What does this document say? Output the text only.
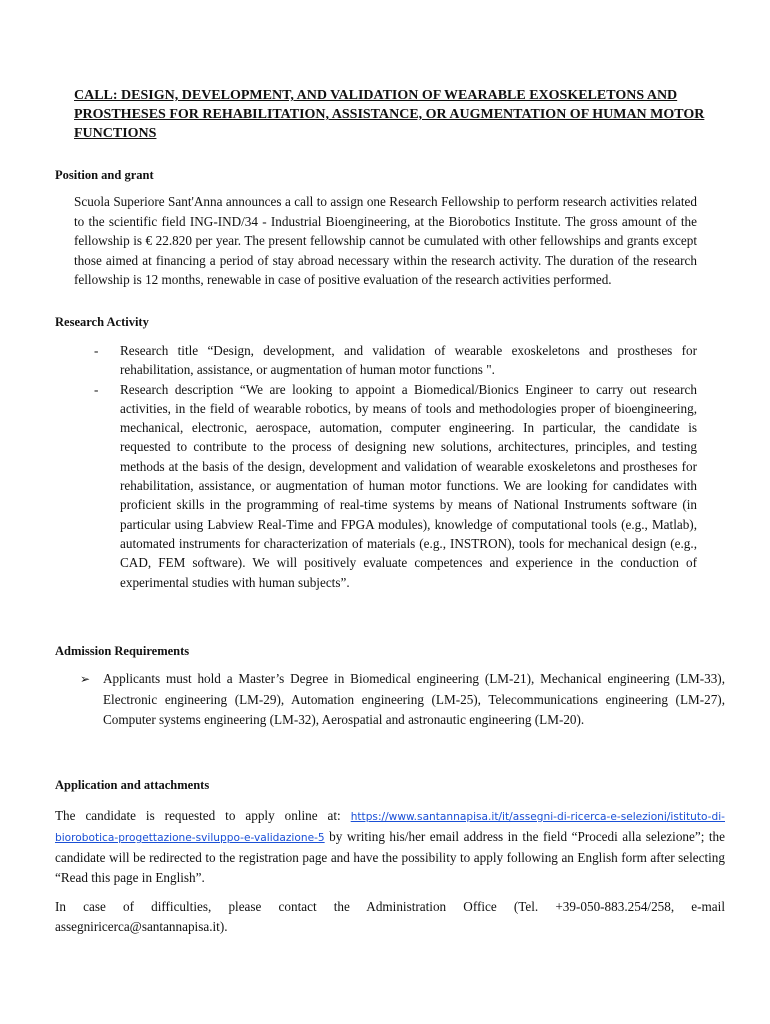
CALL: DESIGN, DEVELOPMENT, AND VALIDATION OF WEARABLE EXOSKELETONS AND PROSTHESES FOR REHABILITATION, ASSISTANCE, OR AUGMENTATION OF HUMAN MOTOR FUNCTIONS
Position and grant

Scuola Superiore Sant'Anna announces a call to assign one Research Fellowship to perform research activities related to the scientific field ING-IND/34 - Industrial Bioengineering, at the Biorobotics Institute. The gross amount of the fellowship is € 22.820 per year. The present fellowship cannot be cumulated with other fellowships and grants except those aimed at financing a period of stay abroad necessary within the research activity. The duration of the research fellowship is 12 months, renewable in case of positive evaluation of the research activities performed.

Research Activity
- Research title “Design, development, and validation of wearable exoskeletons and prostheses for rehabilitation, assistance, or augmentation of human motor functions ".
- Research description “We are looking to appoint a Biomedical/Bionics Engineer to carry out research activities, in the field of wearable robotics, by means of tools and methodologies proper of bioengineering, mechanical, electronic, aerospace, automation, computer engineering. In particular, the candidate is requested to contribute to the process of designing new solutions, architectures, principles, and testing methods at the basis of the design, development and validation of wearable exoskeletons and prostheses for rehabilitation, assistance, or augmentation of human motor functions. We are looking for candidates with proficient skills in the programming of real-time systems by means of National Instruments software (in particular using Labview Real-Time and FPGA modules), knowledge of computational tools (e.g., Matlab), automated instruments for characterization of materials (e.g., INSTRON), tools for mechanical design (e.g., CAD, FEM software). We will positively evaluate competences and experience in the conduction of experimental studies with human subjects”.
Admission Requirements
➢ Applicants must hold a Master’s Degree in Biomedical engineering (LM-21), Mechanical engineering (LM-33), Electronic engineering (LM-29), Automation engineering (LM-25), Telecommunications engineering (LM-27), Computer systems engineering (LM-32), Aerospatial and astronautic engineering (LM-20).
Application and attachments

The candidate is requested to apply online at: https://www.santannapisa.it/it/assegni-di-ricerca-e-selezioni/istituto-di-biorobotica-progettazione-sviluppo-e-validazione-5 by writing his/her email address in the field “Procedi alla selezione”; the candidate will be redirected to the registration page and have the possibility to apply following an English form after selecting “Read this page in English”.

In case of difficulties, please contact the Administration Office (Tel. +39-050-883.254/258, e-mail assegniricerca@santannapisa.it).
